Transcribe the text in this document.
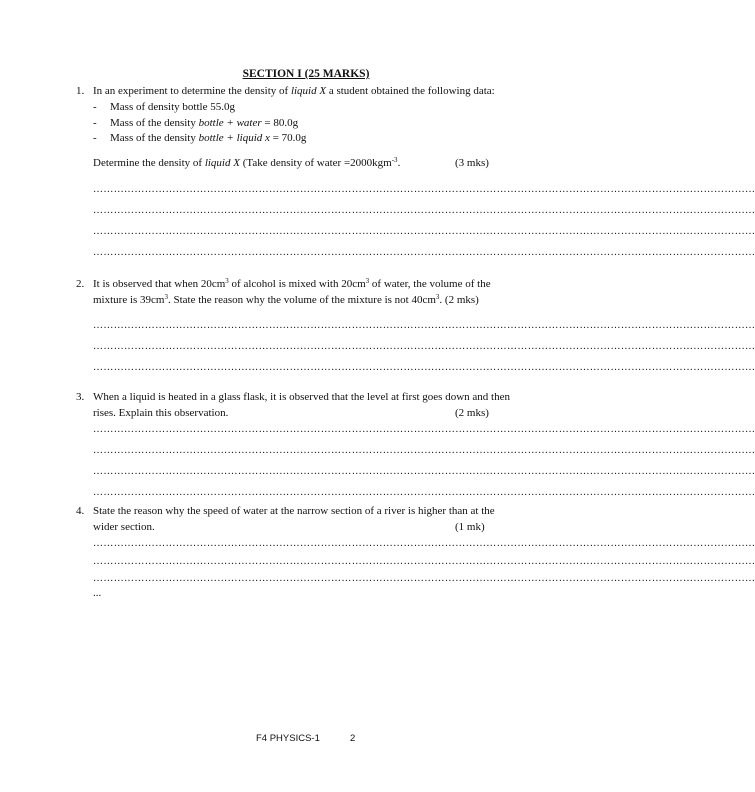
SECTION I (25 MARKS)
1. In an experiment to determine the density of liquid X a student obtained the following data:
- Mass of density bottle 55.0g
- Mass of the density bottle + water = 80.0g
- Mass of the density bottle + liquid x = 70.0g
Determine the density of liquid X (Take density of water =2000kgm$^{-3}$.	(3 mks)
…………………………………………………………………………………………………………………………………………………………………………
…………………………………………………………………………………………………………………………………………………………………………
…………………………………………………………………………………………………………………………………………………………………………
…………………………………………………………………………………………………………………………………………………………………………
2. It is observed that when $20cm^3$ of alcohol is mixed with $20cm^3$ of water, the volume of the
mixture is $39cm^3$. State the reason why the volume of the mixture is not $40cm^3$. (2 mks)
…………………………………………………………………………………………………………………………………………………………………………
…………………………………………………………………………………………………………………………………………………………………………
…………………………………………………………………………………………………………………………………………………………………………
3. When a liquid is heated in a glass flask, it is observed that the level at first goes down and then
rises. Explain this observation.	(2 mks)
…………………………………………………………………………………………………………………………………………………………………………
…………………………………………………………………………………………………………………………………………………………………………
…………………………………………………………………………………………………………………………………………………………………………
…………………………………………………………………………………………………………………………………………………………………………
4. State the reason why the speed of water at the narrow section of a river is higher than at the
wider section.	(1 mk)
…………………………………………………………………………………………………………………………………………………………………………
…………………………………………………………………………………………………………………………………………………………………………
…………………………………………………………………………………………………………………………………………………………………………
...
F4 PHYSICS-1	2
